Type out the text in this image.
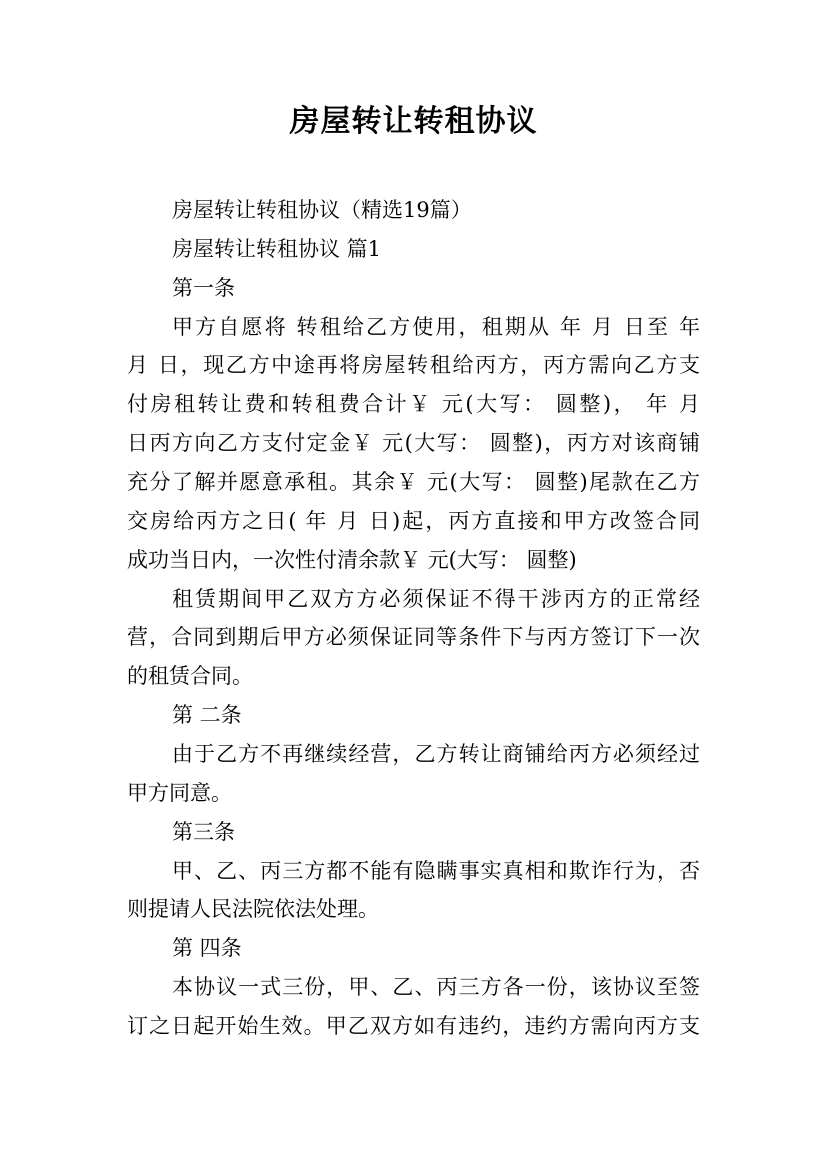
房屋转让转租协议
房屋转让转租协议（精选19篇）
房屋转让转租协议 篇1
第一条
甲方自愿将 转租给乙方使用，租期从 年 月 日至 年
月 日，现乙方中途再将房屋转租给丙方，丙方需向乙方支
付房租转让费和转租费合计￥ 元(大写： 圆整)， 年 月
日丙方向乙方支付定金￥ 元(大写： 圆整)，丙方对该商铺
充分了解并愿意承租。其余￥ 元(大写： 圆整)尾款在乙方
交房给丙方之日( 年 月 日)起，丙方直接和甲方改签合同
成功当日内，一次性付清余款￥ 元(大写： 圆整)
租赁期间甲乙双方方必须保证不得干涉丙方的正常经
营，合同到期后甲方必须保证同等条件下与丙方签订下一次
的租赁合同。
第 二条
由于乙方不再继续经营，乙方转让商铺给丙方必须经过
甲方同意。
第三条
甲、乙、丙三方都不能有隐瞒事实真相和欺诈行为，否
则提请人民法院依法处理。
第 四条
本协议一式三份，甲、乙、丙三方各一份，该协议至签
订之日起开始生效。甲乙双方如有违约，违约方需向丙方支
